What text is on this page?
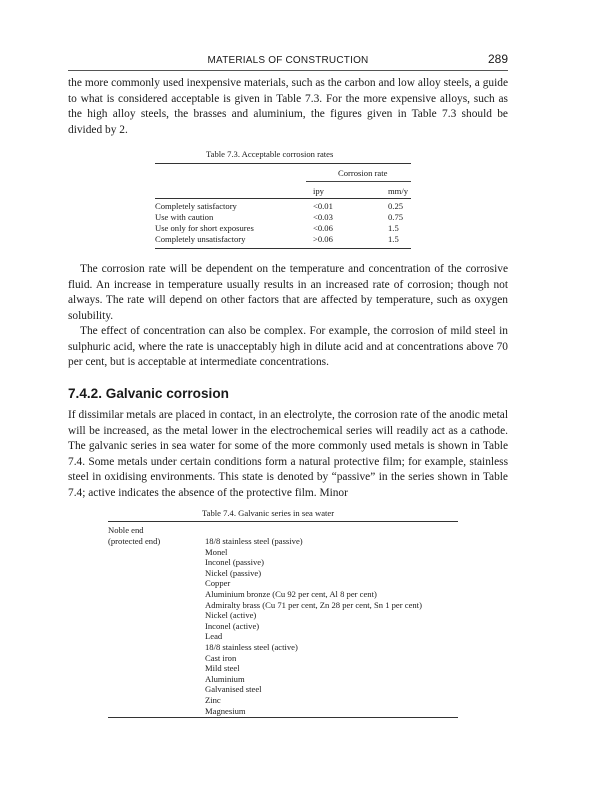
MATERIALS OF CONSTRUCTION	289

the more commonly used inexpensive materials, such as the carbon and low alloy steels, a guide to what is considered acceptable is given in Table 7.3. For the more expensive alloys, such as the high alloy steels, the brasses and aluminium, the figures given in Table 7.3 should be divided by 2.

Table 7.3. Acceptable corrosion rates
Corrosion rate
ipy	mm/y
Completely satisfactory	<0.01	0.25
Use with caution	<0.03	0.75
Use only for short exposures	<0.06	1.5
Completely unsatisfactory	>0.06	1.5

The corrosion rate will be dependent on the temperature and concentration of the corrosive fluid. An increase in temperature usually results in an increased rate of corrosion; though not always. The rate will depend on other factors that are affected by temperature, such as oxygen solubility.

The effect of concentration can also be complex. For example, the corrosion of mild steel in sulphuric acid, where the rate is unacceptably high in dilute acid and at concentrations above 70 per cent, but is acceptable at intermediate concentrations.

7.4.2. Galvanic corrosion

If dissimilar metals are placed in contact, in an electrolyte, the corrosion rate of the anodic metal will be increased, as the metal lower in the electrochemical series will readily act as a cathode. The galvanic series in sea water for some of the more commonly used metals is shown in Table 7.4. Some metals under certain conditions form a natural protective film; for example, stainless steel in oxidising environments. This state is denoted by “passive” in the series shown in Table 7.4; active indicates the absence of the protective film. Minor

Table 7.4. Galvanic series in sea water
Noble end
(protected end)	18/8 stainless steel (passive)
Monel
Inconel (passive)
Nickel (passive)
Copper
Aluminium bronze (Cu 92 per cent, Al 8 per cent)
Admiralty brass (Cu 71 per cent, Zn 28 per cent, Sn 1 per cent)
Nickel (active)
Inconel (active)
Lead
18/8 stainless steel (active)
Cast iron
Mild steel
Aluminium
Galvanised steel
Zinc
Magnesium
